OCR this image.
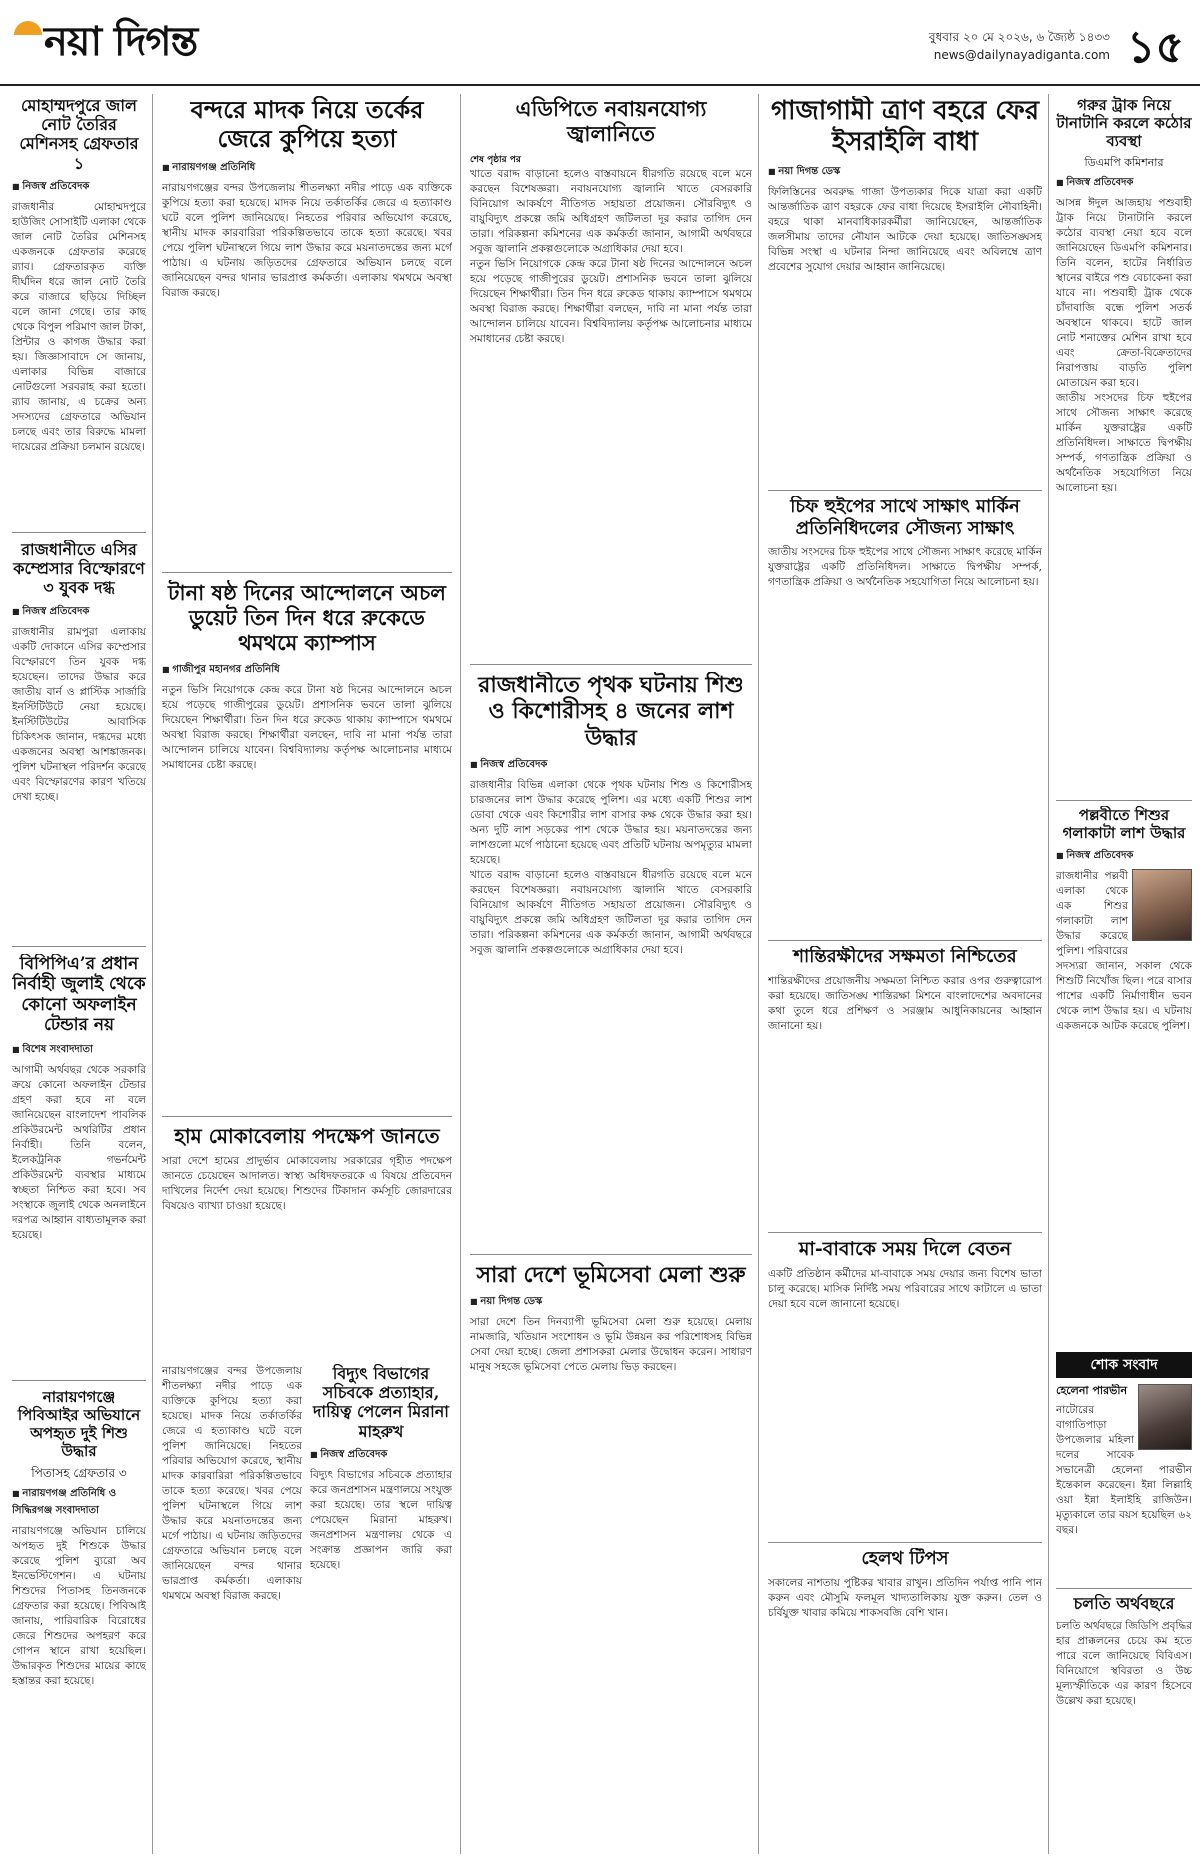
নয়া দিগন্ত	বুধবার ২০ মে ২০২৬, ৬ জ্যৈষ্ঠ ১৪৩৩
news@dailynayadiganta.com ১৫
মোহাম্মদপুরে জাল নোট তৈরির মেশিনসহ গ্রেফতার ১
■ নিজস্ব প্রতিবেদক

রাজধানীর মোহাম্মদপুরে হাউজিং সোসাইটি এলাকা থেকে জাল নোট তৈরির মেশিনসহ একজনকে গ্রেফতার করেছে র‍্যাব। গ্রেফতারকৃত ব্যক্তি দীর্ঘদিন ধরে জাল নোট তৈরি করে বাজারে ছড়িয়ে দিচ্ছিল বলে জানা গেছে। তার কাছ থেকে বিপুল পরিমাণ জাল টাকা, প্রিন্টার ও কাগজ উদ্ধার করা হয়। জিজ্ঞাসাবাদে সে জানায়, এলাকার বিভিন্ন বাজারে নোটগুলো সরবরাহ করা হতো। র‍্যাব জানায়, এ চক্রের অন্য সদস্যদের গ্রেফতারে অভিযান চলছে এবং তার বিরুদ্ধে মামলা দায়েরের প্রক্রিয়া চলমান রয়েছে।

রাজধানীতে এসির কম্প্রেসার বিস্ফোরণে ৩ যুবক দগ্ধ
■ নিজস্ব প্রতিবেদক

রাজধানীর রামপুরা এলাকায় একটি দোকানে এসির কম্প্রেসার বিস্ফোরণে তিন যুবক দগ্ধ হয়েছেন। তাদের উদ্ধার করে জাতীয় বার্ন ও প্লাস্টিক সার্জারি ইনস্টিটিউটে নেয়া হয়েছে। ইনস্টিটিউটের আবাসিক চিকিৎসক জানান, দগ্ধদের মধ্যে একজনের অবস্থা আশঙ্কাজনক। পুলিশ ঘটনাস্থল পরিদর্শন করেছে এবং বিস্ফোরণের কারণ খতিয়ে দেখা হচ্ছে।

বিপিপিএ’র প্রধান নির্বাহী জুলাই থেকে কোনো অফলাইন টেন্ডার নয়
■ বিশেষ সংবাদদাতা

আগামী অর্থবছর থেকে সরকারি ক্রয়ে কোনো অফলাইন টেন্ডার গ্রহণ করা হবে না বলে জানিয়েছেন বাংলাদেশ পাবলিক প্রকিউরমেন্ট অথরিটির প্রধান নির্বাহী। তিনি বলেন, ইলেকট্রনিক গভর্নমেন্ট প্রকিউরমেন্ট ব্যবস্থার মাধ্যমে স্বচ্ছতা নিশ্চিত করা হবে। সব সংস্থাকে জুলাই থেকে অনলাইনে দরপত্র আহ্বান বাধ্যতামূলক করা হয়েছে।

নারায়ণগঞ্জে পিবিআইর অভিযানে অপহৃত দুই শিশু উদ্ধার
পিতাসহ গ্রেফতার ৩
■ নারায়ণগঞ্জ প্রতিনিধি ও সিদ্ধিরগঞ্জ সংবাদদাতা

নারায়ণগঞ্জে অভিযান চালিয়ে অপহৃত দুই শিশুকে উদ্ধার করেছে পুলিশ ব্যুরো অব ইনভেস্টিগেশন। এ ঘটনায় শিশুদের পিতাসহ তিনজনকে গ্রেফতার করা হয়েছে। পিবিআই জানায়, পারিবারিক বিরোধের জেরে শিশুদের অপহরণ করে গোপন স্থানে রাখা হয়েছিল। উদ্ধারকৃত শিশুদের মায়ের কাছে হস্তান্তর করা হয়েছে।

বন্দরে মাদক নিয়ে তর্কের জেরে কুপিয়ে হত্যা
■ নারায়ণগঞ্জ প্রতিনিধি

নারায়ণগঞ্জের বন্দর উপজেলায় শীতলক্ষ্যা নদীর পাড়ে এক ব্যক্তিকে কুপিয়ে হত্যা করা হয়েছে। মাদক নিয়ে তর্কাতর্কির জেরে এ হত্যাকাণ্ড ঘটে বলে পুলিশ জানিয়েছে। নিহতের পরিবার অভিযোগ করেছে, স্থানীয় মাদক কারবারিরা পরিকল্পিতভাবে তাকে হত্যা করেছে। খবর পেয়ে পুলিশ ঘটনাস্থলে গিয়ে লাশ উদ্ধার করে ময়নাতদন্তের জন্য মর্গে পাঠায়। এ ঘটনায় জড়িতদের গ্রেফতারে অভিযান চলছে বলে জানিয়েছেন বন্দর থানার ভারপ্রাপ্ত কর্মকর্তা। এলাকায় থমথমে অবস্থা বিরাজ করছে।

টানা ষষ্ঠ দিনের আন্দোলনে অচল ডুয়েট তিন দিন ধরে রুকেডে থমথমে ক্যাম্পাস
■ গাজীপুর মহানগর প্রতিনিধি

নতুন ভিসি নিয়োগকে কেন্দ্র করে টানা ষষ্ঠ দিনের আন্দোলনে অচল হয়ে পড়েছে গাজীপুরের ডুয়েট। প্রশাসনিক ভবনে তালা ঝুলিয়ে দিয়েছেন শিক্ষার্থীরা। তিন দিন ধরে রুকেড থাকায় ক্যাম্পাসে থমথমে অবস্থা বিরাজ করছে। শিক্ষার্থীরা বলছেন, দাবি না মানা পর্যন্ত তারা আন্দোলন চালিয়ে যাবেন। বিশ্ববিদ্যালয় কর্তৃপক্ষ আলোচনার মাধ্যমে সমাধানের চেষ্টা করছে।

হাম মোকাবেলায় পদক্ষেপ জানতে

সারা দেশে হামের প্রাদুর্ভাব মোকাবেলায় সরকারের গৃহীত পদক্ষেপ জানতে চেয়েছেন আদালত। স্বাস্থ্য অধিদফতরকে এ বিষয়ে প্রতিবেদন দাখিলের নির্দেশ দেয়া হয়েছে। শিশুদের টিকাদান কর্মসূচি জোরদারের বিষয়েও ব্যাখ্যা চাওয়া হয়েছে।

বিদ্যুৎ বিভাগের সচিবকে প্রত্যাহার, দায়িত্ব পেলেন মিরানা মাহরুখ
■ নিজস্ব প্রতিবেদক

বিদ্যুৎ বিভাগের সচিবকে প্রত্যাহার করে জনপ্রশাসন মন্ত্রণালয়ে সংযুক্ত করা হয়েছে। তার স্থলে দায়িত্ব পেয়েছেন মিরানা মাহরুখ। জনপ্রশাসন মন্ত্রণালয় থেকে এ সংক্রান্ত প্রজ্ঞাপন জারি করা হয়েছে।

নারায়ণগঞ্জের বন্দর উপজেলায় শীতলক্ষ্যা নদীর পাড়ে এক ব্যক্তিকে কুপিয়ে হত্যা করা হয়েছে। মাদক নিয়ে তর্কাতর্কির জেরে এ হত্যাকাণ্ড ঘটে বলে পুলিশ জানিয়েছে। নিহতের পরিবার অভিযোগ করেছে, স্থানীয় মাদক কারবারিরা পরিকল্পিতভাবে তাকে হত্যা করেছে। খবর পেয়ে পুলিশ ঘটনাস্থলে গিয়ে লাশ উদ্ধার করে ময়নাতদন্তের জন্য মর্গে পাঠায়। এ ঘটনায় জড়িতদের গ্রেফতারে অভিযান চলছে বলে জানিয়েছেন বন্দর থানার ভারপ্রাপ্ত কর্মকর্তা। এলাকায় থমথমে অবস্থা বিরাজ করছে।

এডিপিতে নবায়নযোগ্য জ্বালানিতে
শেষ পৃষ্ঠার পর

খাতে বরাদ্দ বাড়ানো হলেও বাস্তবায়নে ধীরগতি রয়েছে বলে মনে করছেন বিশেষজ্ঞরা। নবায়নযোগ্য জ্বালানি খাতে বেসরকারি বিনিয়োগ আকর্ষণে নীতিগত সহায়তা প্রয়োজন। সৌরবিদ্যুৎ ও বায়ুবিদ্যুৎ প্রকল্পে জমি অধিগ্রহণ জটিলতা দূর করার তাগিদ দেন তারা। পরিকল্পনা কমিশনের এক কর্মকর্তা জানান, আগামী অর্থবছরে সবুজ জ্বালানি প্রকল্পগুলোকে অগ্রাধিকার দেয়া হবে।

নতুন ভিসি নিয়োগকে কেন্দ্র করে টানা ষষ্ঠ দিনের আন্দোলনে অচল হয়ে পড়েছে গাজীপুরের ডুয়েট। প্রশাসনিক ভবনে তালা ঝুলিয়ে দিয়েছেন শিক্ষার্থীরা। তিন দিন ধরে রুকেড থাকায় ক্যাম্পাসে থমথমে অবস্থা বিরাজ করছে। শিক্ষার্থীরা বলছেন, দাবি না মানা পর্যন্ত তারা আন্দোলন চালিয়ে যাবেন। বিশ্ববিদ্যালয় কর্তৃপক্ষ আলোচনার মাধ্যমে সমাধানের চেষ্টা করছে।

রাজধানীতে পৃথক ঘটনায় শিশু ও কিশোরীসহ ৪ জনের লাশ উদ্ধার
■ নিজস্ব প্রতিবেদক

রাজধানীর বিভিন্ন এলাকা থেকে পৃথক ঘটনায় শিশু ও কিশোরীসহ চারজনের লাশ উদ্ধার করেছে পুলিশ। এর মধ্যে একটি শিশুর লাশ ডোবা থেকে এবং কিশোরীর লাশ বাসার কক্ষ থেকে উদ্ধার করা হয়। অন্য দুটি লাশ সড়কের পাশ থেকে উদ্ধার হয়। ময়নাতদন্তের জন্য লাশগুলো মর্গে পাঠানো হয়েছে এবং প্রতিটি ঘটনায় অপমৃত্যুর মামলা হয়েছে।

খাতে বরাদ্দ বাড়ানো হলেও বাস্তবায়নে ধীরগতি রয়েছে বলে মনে করছেন বিশেষজ্ঞরা। নবায়নযোগ্য জ্বালানি খাতে বেসরকারি বিনিয়োগ আকর্ষণে নীতিগত সহায়তা প্রয়োজন। সৌরবিদ্যুৎ ও বায়ুবিদ্যুৎ প্রকল্পে জমি অধিগ্রহণ জটিলতা দূর করার তাগিদ দেন তারা। পরিকল্পনা কমিশনের এক কর্মকর্তা জানান, আগামী অর্থবছরে সবুজ জ্বালানি প্রকল্পগুলোকে অগ্রাধিকার দেয়া হবে।

সারা দেশে ভূমিসেবা মেলা শুরু
■ নয়া দিগন্ত ডেস্ক

সারা দেশে তিন দিনব্যাপী ভূমিসেবা মেলা শুরু হয়েছে। মেলায় নামজারি, খতিয়ান সংশোধন ও ভূমি উন্নয়ন কর পরিশোধসহ বিভিন্ন সেবা দেয়া হচ্ছে। জেলা প্রশাসকরা মেলার উদ্বোধন করেন। সাধারণ মানুষ সহজে ভূমিসেবা পেতে মেলায় ভিড় করছেন।

গাজাগামী ত্রাণ বহরে ফের ইসরাইলি বাধা
■ নয়া দিগন্ত ডেস্ক

ফিলিস্তিনের অবরুদ্ধ গাজা উপত্যকার দিকে যাত্রা করা একটি আন্তর্জাতিক ত্রাণ বহরকে ফের বাধা দিয়েছে ইসরাইলি নৌবাহিনী। বহরে থাকা মানবাধিকারকর্মীরা জানিয়েছেন, আন্তর্জাতিক জলসীমায় তাদের নৌযান আটকে দেয়া হয়েছে। জাতিসঙ্ঘসহ বিভিন্ন সংস্থা এ ঘটনার নিন্দা জানিয়েছে এবং অবিলম্বে ত্রাণ প্রবেশের সুযোগ দেয়ার আহ্বান জানিয়েছে।

চিফ হুইপের সাথে সাক্ষাৎ মার্কিন প্রতিনিধিদলের সৌজন্য সাক্ষাৎ

জাতীয় সংসদের চিফ হুইপের সাথে সৌজন্য সাক্ষাৎ করেছে মার্কিন যুক্তরাষ্ট্রের একটি প্রতিনিধিদল। সাক্ষাতে দ্বিপক্ষীয় সম্পর্ক, গণতান্ত্রিক প্রক্রিয়া ও অর্থনৈতিক সহযোগিতা নিয়ে আলোচনা হয়।

শান্তিরক্ষীদের সক্ষমতা নিশ্চিতের

শান্তিরক্ষীদের প্রয়োজনীয় সক্ষমতা নিশ্চিত করার ওপর গুরুত্বারোপ করা হয়েছে। জাতিসঙ্ঘ শান্তিরক্ষা মিশনে বাংলাদেশের অবদানের কথা তুলে ধরে প্রশিক্ষণ ও সরঞ্জাম আধুনিকায়নের আহ্বান জানানো হয়।

মা-বাবাকে সময় দিলে বেতন

একটি প্রতিষ্ঠান কর্মীদের মা-বাবাকে সময় দেয়ার জন্য বিশেষ ভাতা চালু করেছে। মাসিক নির্দিষ্ট সময় পরিবারের সাথে কাটালে এ ভাতা দেয়া হবে বলে জানানো হয়েছে।

হেলথ টিপস

সকালের নাশতায় পুষ্টিকর খাবার রাখুন। প্রতিদিন পর্যাপ্ত পানি পান করুন এবং মৌসুমি ফলমূল খাদ্যতালিকায় যুক্ত করুন। তেল ও চর্বিযুক্ত খাবার কমিয়ে শাকসবজি বেশি খান।

গরুর ট্রাক নিয়ে টানাটানি করলে কঠোর ব্যবস্থা
ডিএমপি কমিশনার
■ নিজস্ব প্রতিবেদক

আসন্ন ঈদুল আজহায় পশুবাহী ট্রাক নিয়ে টানাটানি করলে কঠোর ব্যবস্থা নেয়া হবে বলে জানিয়েছেন ডিএমপি কমিশনার। তিনি বলেন, হাটের নির্ধারিত স্থানের বাইরে পশু বেচাকেনা করা যাবে না। পশুবাহী ট্রাক থেকে চাঁদাবাজি বন্ধে পুলিশ সতর্ক অবস্থানে থাকবে। হাটে জাল নোট শনাক্তের মেশিন রাখা হবে এবং ক্রেতা-বিক্রেতাদের নিরাপত্তায় বাড়তি পুলিশ মোতায়েন করা হবে।

জাতীয় সংসদের চিফ হুইপের সাথে সৌজন্য সাক্ষাৎ করেছে মার্কিন যুক্তরাষ্ট্রের একটি প্রতিনিধিদল। সাক্ষাতে দ্বিপক্ষীয় সম্পর্ক, গণতান্ত্রিক প্রক্রিয়া ও অর্থনৈতিক সহযোগিতা নিয়ে আলোচনা হয়।

পল্লবীতে শিশুর গলাকাটা লাশ উদ্ধার
■ নিজস্ব প্রতিবেদক

রাজধানীর পল্লবী এলাকা থেকে এক শিশুর গলাকাটা লাশ উদ্ধার করেছে পুলিশ। পরিবারের সদস্যরা জানান, সকাল থেকে শিশুটি নিখোঁজ ছিল। পরে বাসার পাশের একটি নির্মাণাধীন ভবন থেকে লাশ উদ্ধার হয়। এ ঘটনায় একজনকে আটক করেছে পুলিশ।

শোক সংবাদ
হেলেনা পারভীন

নাটোরের বাগাতিপাড়া উপজেলার মহিলা দলের সাবেক সভানেত্রী হেলেনা পারভীন ইন্তেকাল করেছেন। ইন্না লিল্লাহি ওয়া ইন্না ইলাইহি রাজিউন। মৃত্যুকালে তার বয়স হয়েছিল ৬২ বছর।

চলতি অর্থবছরে

চলতি অর্থবছরে জিডিপি প্রবৃদ্ধির হার প্রাক্কলনের চেয়ে কম হতে পারে বলে জানিয়েছে বিবিএস। বিনিয়োগে স্থবিরতা ও উচ্চ মূল্যস্ফীতিকে এর কারণ হিসেবে উল্লেখ করা হয়েছে।
